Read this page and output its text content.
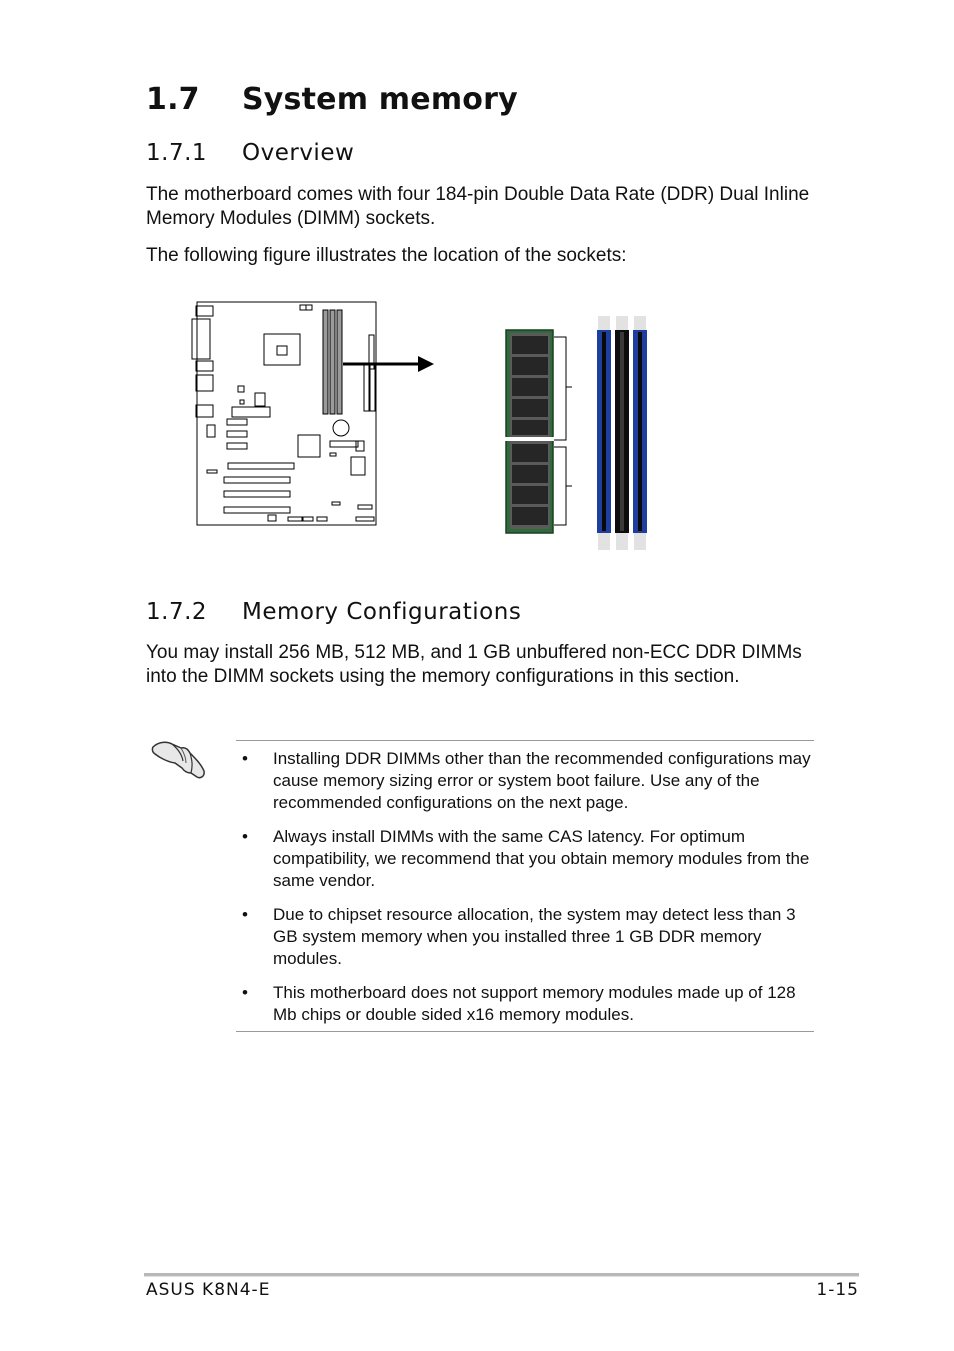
1.7 System memory
1.7.1 Overview
The motherboard comes with four 184-pin Double Data Rate (DDR) Dual Inline Memory Modules (DIMM) sockets.
The following figure illustrates the location of the sockets:
1.7.2 Memory Configurations
You may install 256 MB, 512 MB, and 1 GB unbuffered non-ECC DDR DIMMs into the DIMM sockets using the memory configurations in this section.
• Installing DDR DIMMs other than the recommended configurations may cause memory sizing error or system boot failure. Use any of the recommended configurations on the next page.
• Always install DIMMs with the same CAS latency. For optimum compatibility, we recommend that you obtain memory modules from the same vendor.
• Due to chipset resource allocation, the system may detect less than 3 GB system memory when you installed three 1 GB DDR memory modules.
• This motherboard does not support memory modules made up of 128 Mb chips or double sided x16 memory modules.
ASUS K8N4-E	1-15
